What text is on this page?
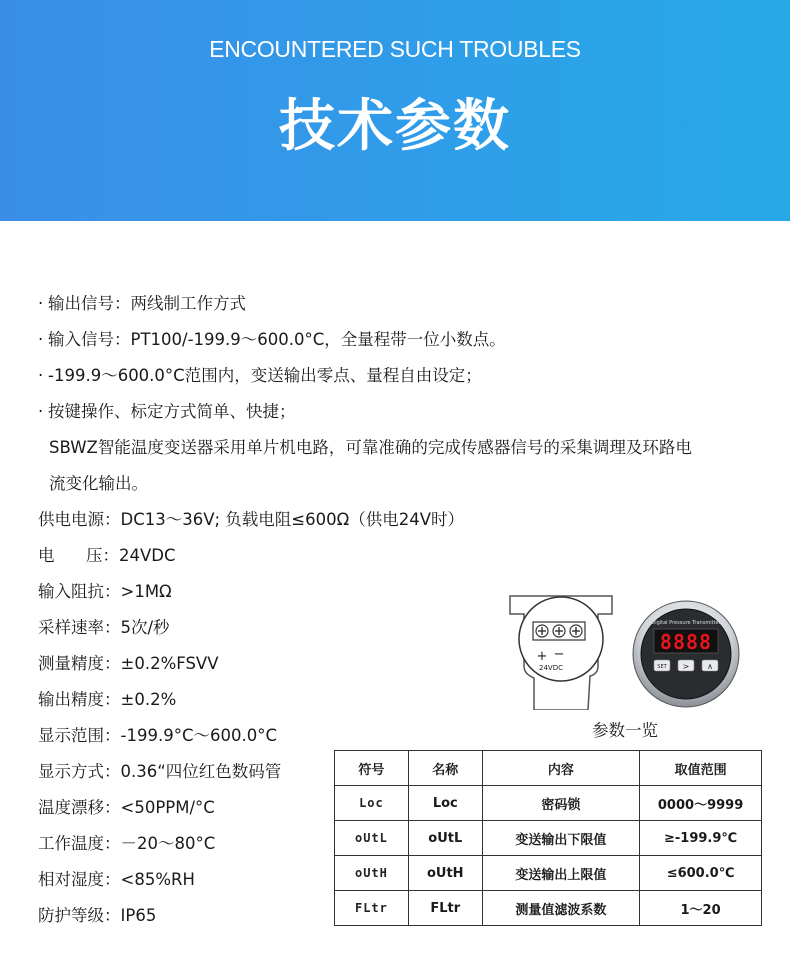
ENCOUNTERED SUCH TROUBLES
技术参数
· 输出信号：两线制工作方式
· 输入信号：PT100/-199.9～600.0°C，全量程带一位小数点。
· -199.9～600.0°C范围内，变送输出零点、量程自由设定；
· 按键操作、标定方式简单、快捷；
SBWZ智能温度变送器采用单片机电路，可靠准确的完成传感器信号的采集调理及环路电
流变化输出。
供电电源：DC13～36V; 负载电阻≤600Ω（供电24V时）
电      压：24VDC
输入阻抗：>1MΩ
采样速率：5次/秒
测量精度：±0.2%FSVV
输出精度：±0.2%
显示范围：-199.9°C～600.0°C
显示方式：0.36“四位红色数码管
温度漂移：<50PPM/°C
工作温度：－20～80°C
相对湿度：<85%RH
防护等级：IP65
+ −
24VDC
Digital Pressure Transmitter
8888
SET > ∧
参数一览
符号	名称	内容	取值范围
Loc	Loc	密码锁	0000～9999
oUtL	oUtL	变送输出下限值	≥-199.9℃
oUtH	oUtH	变送输出上限值	≤600.0℃
FLtr	FLtr	测量值滤波系数	1～20
